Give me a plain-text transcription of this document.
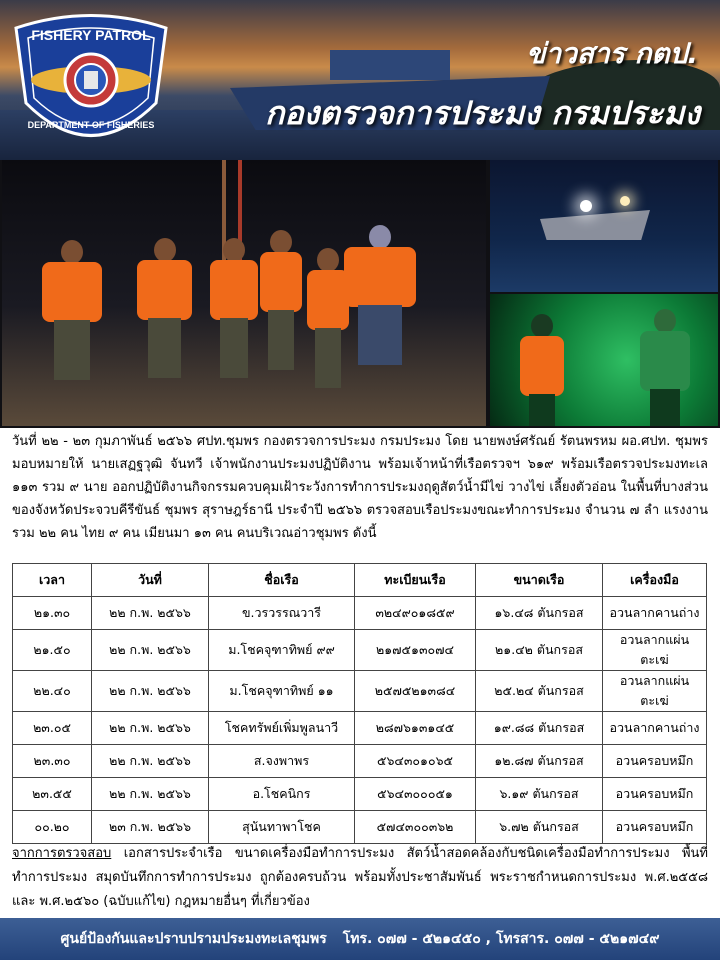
FISHERY PATROL
DEPARTMENT OF FISHERIES
ข่าวสาร กตป.
กองตรวจการประมง กรมประมง
วันที่ ๒๒ - ๒๓ กุมภาพันธ์ ๒๕๖๖ ศปท.ชุมพร กองตรวจการประมง กรมประมง โดย นายพงษ์ศรัณย์ รัตนพรหม ผอ.ศปท. ชุมพร มอบหมายให้ นายเสฏฐวุฒิ จันทวี เจ้าพนักงานประมงปฏิบัติงาน พร้อมเจ้าหน้าที่เรือตรวจฯ ๖๑๙ พร้อมเรือตรวจประมงทะเล ๑๑๓ รวม ๙ นาย ออกปฏิบัติงานกิจกรรมควบคุมเฝ้าระวังการทำการประมงฤดูสัตว์น้ำมีไข่ วางไข่ เลี้ยงตัวอ่อน ในพื้นที่บางส่วนของจังหวัดประจวบคีรีขันธ์ ชุมพร สุราษฎร์ธานี ประจำปี ๒๕๖๖ ตรวจสอบเรือประมงขณะทำการประมง จำนวน ๗ ลำ แรงงานรวม ๒๒ คน ไทย ๙ คน เมียนมา ๑๓ คน คนบริเวณอ่าวชุมพร ดังนี้
เวลา	วันที่	ชื่อเรือ	ทะเบียนเรือ	ขนาดเรือ	เครื่องมือ
๒๑.๓๐	๒๒ ก.พ. ๒๕๖๖	ข.วรวรรณวารี	๓๒๔๙๐๑๘๕๙	๑๖.๔๘ ตันกรอส	อวนลากคานถ่าง
๒๑.๕๐	๒๒ ก.พ. ๒๕๖๖	ม.โชคจุฑาทิพย์ ๙๙	๒๑๗๕๑๓๐๗๔	๒๑.๔๒ ตันกรอส	อวนลากแผ่นตะเฆ่
๒๒.๔๐	๒๒ ก.พ. ๒๕๖๖	ม.โชคจุฑาทิพย์ ๑๑	๒๕๗๕๒๑๓๘๔	๒๕.๒๔ ตันกรอส	อวนลากแผ่นตะเฆ่
๒๓.๐๕	๒๒ ก.พ. ๒๕๖๖	โชคทรัพย์เพิ่มพูลนาวี	๒๘๗๖๑๓๑๔๕	๑๙.๘๘ ตันกรอส	อวนลากคานถ่าง
๒๓.๓๐	๒๒ ก.พ. ๒๕๖๖	ส.จงพาพร	๕๖๔๓๐๑๐๖๕	๑๒.๘๗ ตันกรอส	อวนครอบหมึก
๒๓.๕๕	๒๒ ก.พ. ๒๕๖๖	อ.โชคนิกร	๕๖๔๓๐๐๐๕๑	๖.๑๙ ตันกรอส	อวนครอบหมึก
๐๐.๒๐	๒๓ ก.พ. ๒๕๖๖	สุนันทาพาโชค	๕๗๔๓๐๐๓๖๒	๖.๗๒ ตันกรอส	อวนครอบหมึก
จากการตรวจสอบ เอกสารประจำเรือ ขนาดเครื่องมือทำการประมง สัตว์น้ำสอดคล้องกับชนิดเครื่องมือทำการประมง พื้นที่ทำการประมง สมุดบันทึกการทำการประมง ถูกต้องครบถ้วน พร้อมทั้งประชาสัมพันธ์ พระราชกำหนดการประมง พ.ศ.๒๕๕๘ และ พ.ศ.๒๕๖๐ (ฉบับแก้ไข) กฎหมายอื่นๆ ที่เกี่ยวข้อง
ศูนย์ป้องกันและปราบปรามประมงทะเลชุมพร โทร. ๐๗๗ - ๕๒๑๔๕๐ , โทรสาร. ๐๗๗ - ๕๒๑๗๔๙
